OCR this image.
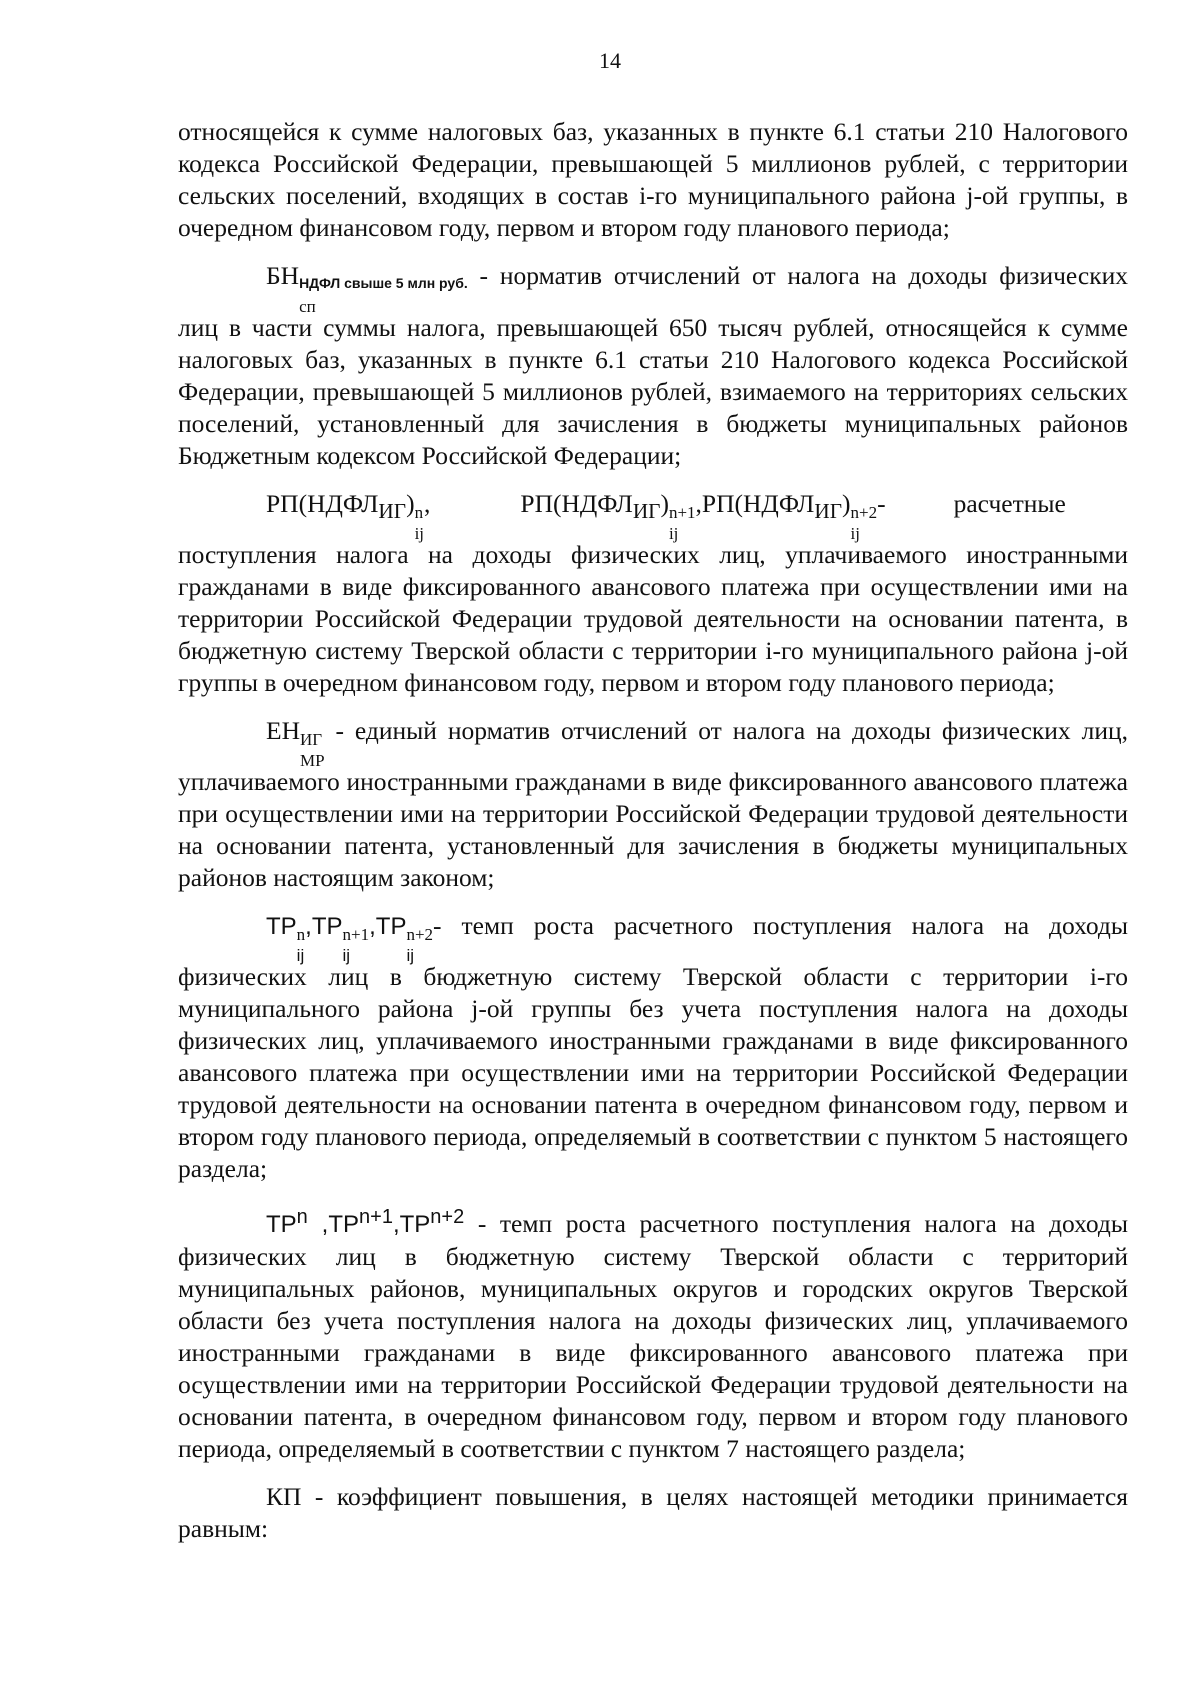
14

относящейся к сумме налоговых баз, указанных в пункте 6.1 статьи 210 Налогового кодекса Российской Федерации, превышающей 5 миллионов рублей, с территории сельских поселений, входящих в состав i-го муниципального района j-ой группы, в очередном финансовом году, первом и втором году планового периода;

БН НДФЛ свыше 5 млн руб.
сп
- норматив отчислений от налога на доходы физических лиц в части суммы налога, превышающей 650 тысяч рублей, относящейся к сумме налоговых баз, указанных в пункте 6.1 статьи 210 Налогового кодекса Российской Федерации, превышающей 5 миллионов рублей, взимаемого на территориях сельских поселений, установленный для зачисления в бюджеты муниципальных районов Бюджетным кодексом Российской Федерации;

$РП(НДФЛ_{ИГ})$ n
ij
,	$РП(НДФЛ_{ИГ})$ n+1
ij
$,РП(НДФЛ_{ИГ})$ n+2
ij
-	расчетные поступления налога на доходы физических лиц, уплачиваемого иностранными гражданами в виде фиксированного авансового платежа при осуществлении ими на территории Российской Федерации трудовой деятельности на основании патента, в бюджетную систему Тверской области с территории i-го муниципального района j-ой группы в очередном финансовом году, первом и втором году планового периода;

ЕН ИГ
МР
- единый норматив отчислений от налога на доходы физических лиц, уплачиваемого иностранными гражданами в виде фиксированного авансового платежа при осуществлении ими на территории Российской Федерации трудовой деятельности на основании патента, установленный для зачисления в бюджеты муниципальных районов настоящим законом;

ТР n
ij
,ТР n+1
ij
,ТР n+2
ij
- темп роста расчетного поступления налога на доходы физических лиц в бюджетную систему Тверской области с территории i-го муниципального района j-ой группы без учета поступления налога на доходы физических лиц, уплачиваемого иностранными гражданами в виде фиксированного авансового платежа при осуществлении ими на территории Российской Федерации трудовой деятельности на основании патента в очередном финансовом году, первом и втором году планового периода, определяемый в соответствии с пунктом 5 настоящего раздела;

$ТР^n$ $,ТР^{n+1},ТР^{n+2}$ - темп роста расчетного поступления налога на доходы физических лиц в бюджетную систему Тверской области с территорий муниципальных районов, муниципальных округов и городских округов Тверской области без учета поступления налога на доходы физических лиц, уплачиваемого иностранными гражданами в виде фиксированного авансового платежа при осуществлении ими на территории Российской Федерации трудовой деятельности на основании патента, в очередном финансовом году, первом и втором году планового периода, определяемый в соответствии с пунктом 7 настоящего раздела;

КП - коэффициент повышения, в целях настоящей методики принимается равным:
